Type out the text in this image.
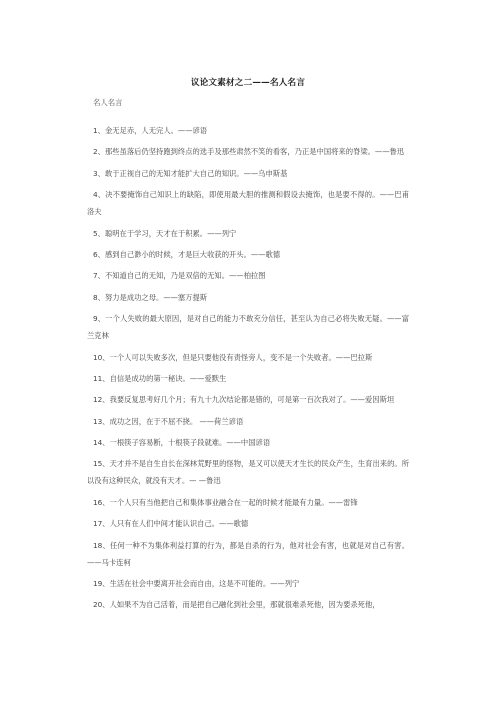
议论文素材之二——名人名言
名人名言

1、金无足赤，人无完人。——谚语

2、那些虽落后仍坚持跑到终点的选手及那些肃然不笑的看客，乃正是中国将来的脊梁。——鲁迅

3、敢于正视自己的无知才能扩大自己的知识。——乌申斯基

4、决不要掩饰自己知识上的缺陷，即使用最大胆的推测和假设去掩饰，也是要不得的。——巴甫洛夫

5、聪明在于学习，天才在于积累。——列宁

6、感到自己渺小的时候，才是巨大收获的开头。——歌德

7、不知道自己的无知，乃是双倍的无知。——柏拉图

8、努力是成功之母。——塞万提斯

9、一个人失败的最大原因，是对自己的能力不敢充分信任，甚至认为自己必将失败无疑。——富兰克林

10、一个人可以失败多次，但是只要他没有责怪旁人，变不是一个失败者。——巴拉斯

11、自信是成功的第一秘诀。——爱默生

12、我要反复思考好几个月；有九十九次结论都是错的，可是第一百次我对了。——爱因斯坦

13、成功之因，在于不屈不挠。 ——荷兰谚语

14、一根筷子容易断，十根筷子段就难。——中国谚语

15、天才并不是自生自长在深林荒野里的怪物，是又可以使天才生长的民众产生，生育出来的。所以没有这种民众，就没有天才。— —鲁迅

16、一个人只有当他把自己和集体事业融合在一起的时候才能最有力量。——雷锋

17、人只有在人们中间才能认识自己。——歌德

18、任何一种不为集体利益打算的行为，都是自杀的行为，他对社会有害，也就是对自己有害。——马卡连柯

19、生活在社会中要离开社会而自由，这是不可能的。——列宁

20、人如果不为自己活着，而是把自己融化到社会里，那就很难杀死他，因为要杀死他，
